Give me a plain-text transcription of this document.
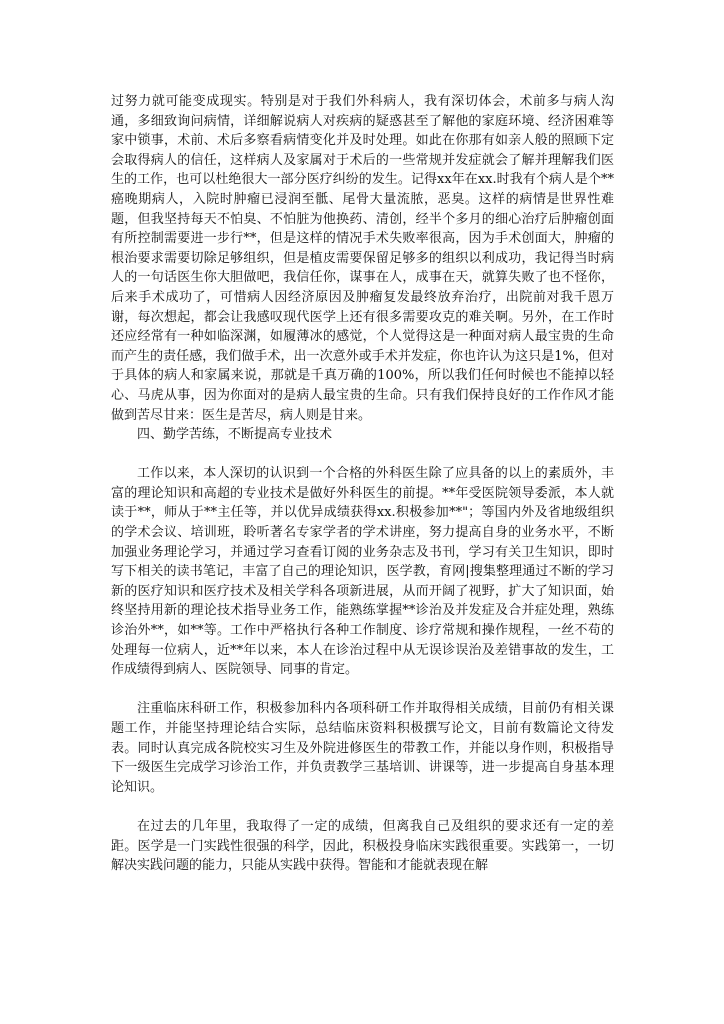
过努力就可能变成现实。特别是对于我们外科病人，我有深切体会，术前多与病人沟通，多细致询问病情，详细解说病人对疾病的疑惑甚至了解他的家庭环境、经济困难等家中锁事，术前、术后多察看病情变化并及时处理。如此在你那有如亲人般的照顾下定会取得病人的信任，这样病人及家属对于术后的一些常规并发症就会了解并理解我们医生的工作，也可以杜绝很大一部分医疗纠纷的发生。记得xx年在xx.时我有个病人是个**癌晚期病人，入院时肿瘤已浸润至骶、尾骨大量流脓，恶臭。这样的病情是世界性难题，但我坚持每天不怕臭、不怕脏为他换药、清创，经半个多月的细心治疗后肿瘤创面有所控制需要进一步行**，但是这样的情况手术失败率很高，因为手术创面大，肿瘤的根治要求需要切除足够组织，但是植皮需要保留足够多的组织以利成功，我记得当时病人的一句话医生你大胆做吧，我信任你，谋事在人，成事在天，就算失败了也不怪你，后来手术成功了，可惜病人因经济原因及肿瘤复发最终放弃治疗，出院前对我千恩万谢，每次想起，都会让我感叹现代医学上还有很多需要攻克的难关啊。另外，在工作时还应经常有一种如临深渊，如履薄冰的感觉，个人觉得这是一种面对病人最宝贵的生命而产生的责任感，我们做手术，出一次意外或手术并发症，你也许认为这只是1%，但对于具体的病人和家属来说，那就是千真万确的100%，所以我们任何时候也不能掉以轻心、马虎从事，因为你面对的是病人最宝贵的生命。只有我们保持良好的工作作风才能做到苦尽甘来：医生是苦尽，病人则是甘来。

四、勤学苦练，不断提高专业技术

工作以来，本人深切的认识到一个合格的外科医生除了应具备的以上的素质外，丰富的理论知识和高超的专业技术是做好外科医生的前提。**年受医院领导委派，本人就读于**，师从于**主任等，并以优异成绩获得xx.积极参加**"；等国内外及省地级组织的学术会议、培训班，聆听著名专家学者的学术讲座，努力提高自身的业务水平，不断加强业务理论学习，并通过学习查看订阅的业务杂志及书刊，学习有关卫生知识，即时写下相关的读书笔记，丰富了自己的理论知识，医学教，育网|搜集整理通过不断的学习新的医疗知识和医疗技术及相关学科各项新进展，从而开阔了视野，扩大了知识面，始终坚持用新的理论技术指导业务工作，能熟练掌握**诊治及并发症及合并症处理，熟练诊治外**，如**等。工作中严格执行各种工作制度、诊疗常规和操作规程，一丝不苟的处理每一位病人，近**年以来，本人在诊治过程中从无误诊误治及差错事故的发生，工作成绩得到病人、医院领导、同事的肯定。

注重临床科研工作，积极参加科内各项科研工作并取得相关成绩，目前仍有相关课题工作，并能坚持理论结合实际，总结临床资料积极撰写论文，目前有数篇论文待发表。同时认真完成各院校实习生及外院进修医生的带教工作，并能以身作则，积极指导下一级医生完成学习诊治工作，并负责教学三基培训、讲课等，进一步提高自身基本理论知识。

在过去的几年里，我取得了一定的成绩，但离我自己及组织的要求还有一定的差距。医学是一门实践性很强的科学，因此，积极投身临床实践很重要。实践第一，一切解决实践问题的能力，只能从实践中获得。智能和才能就表现在解
